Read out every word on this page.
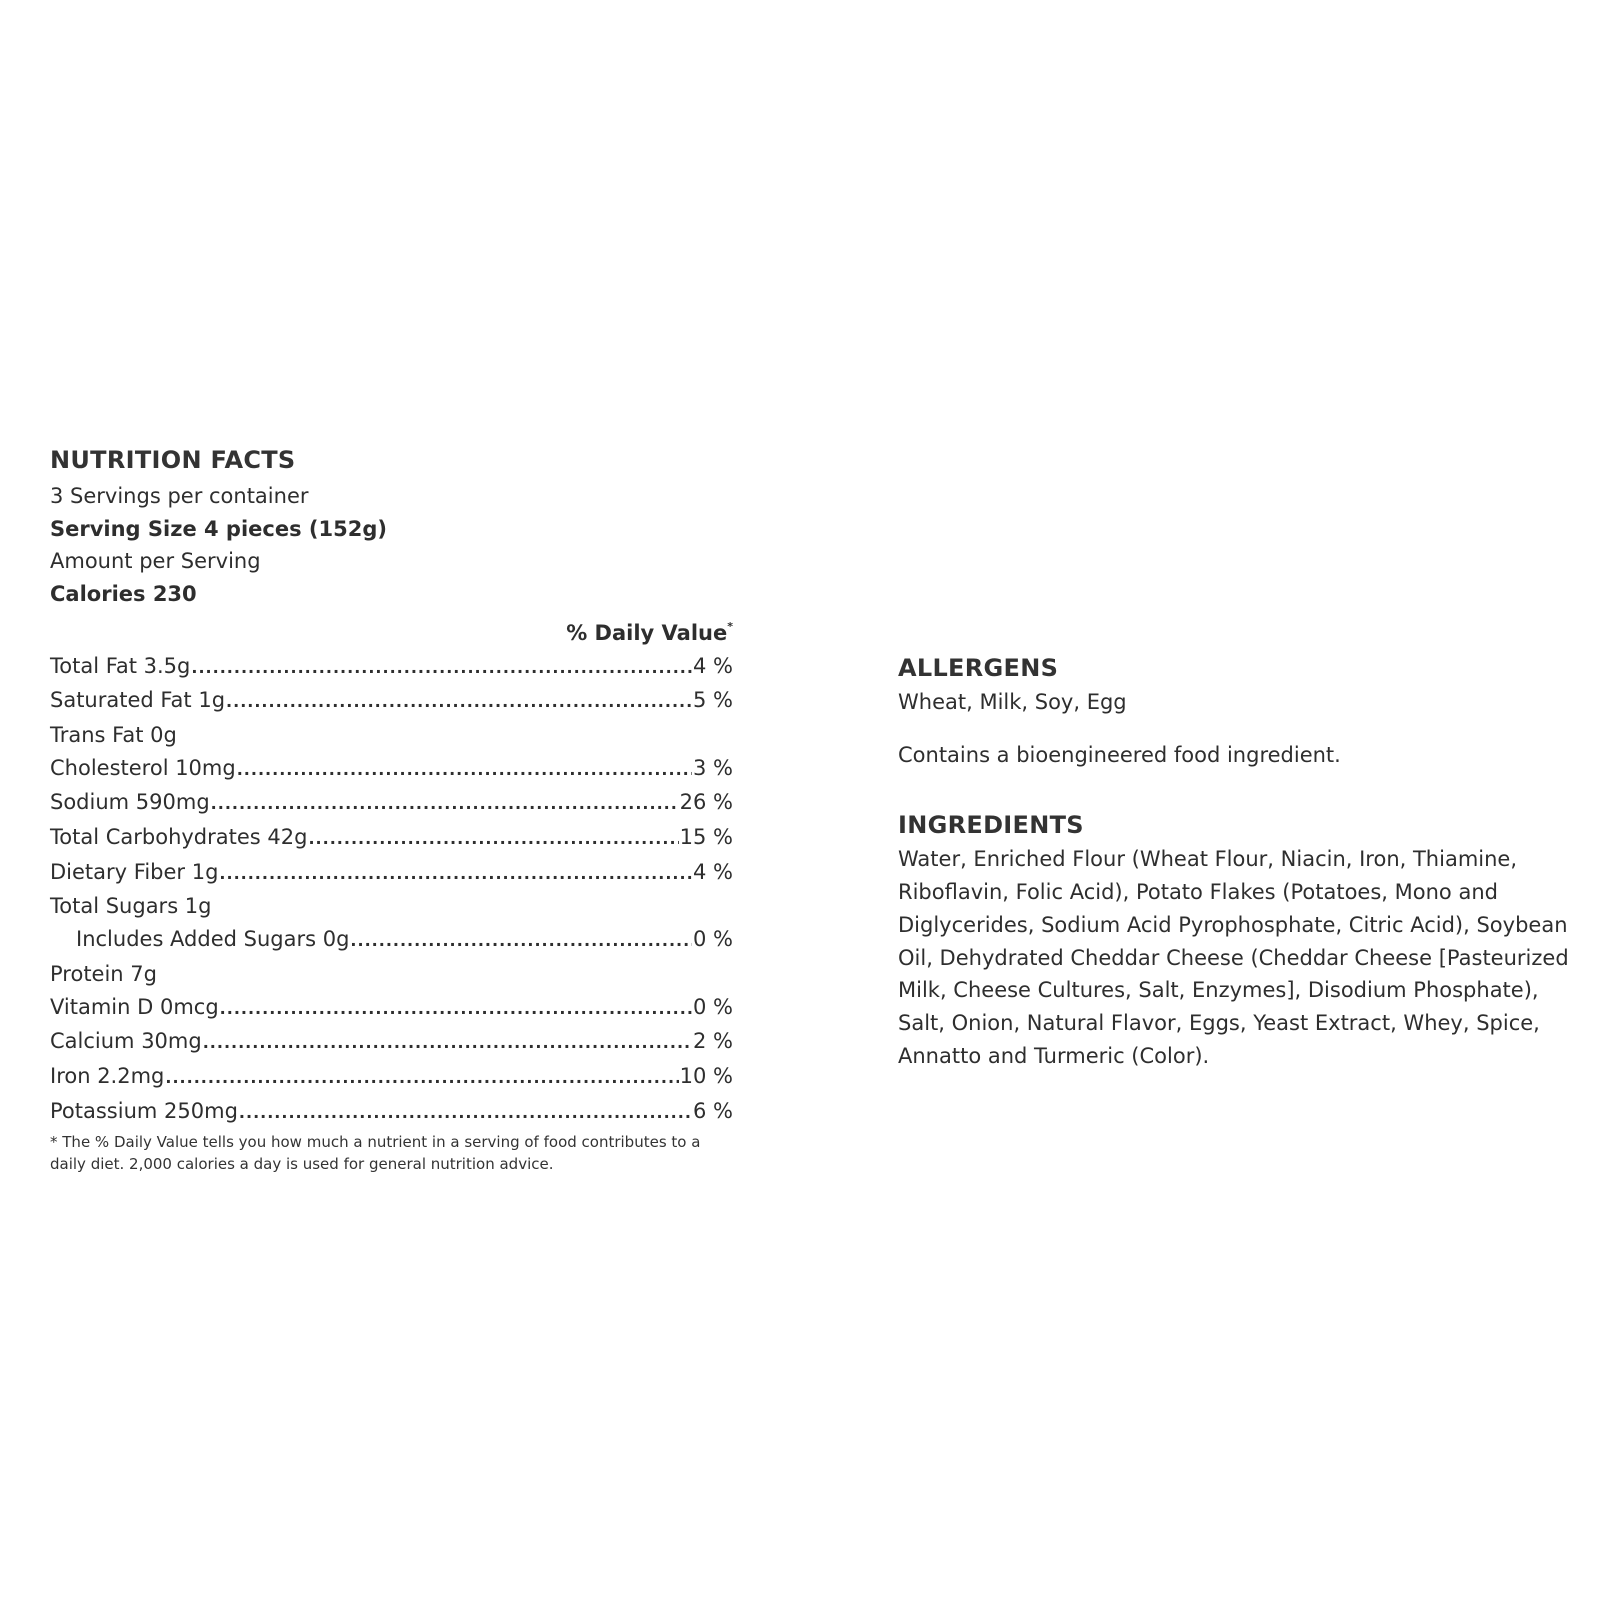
NUTRITION FACTS
3 Servings per container
Serving Size 4 pieces (152g)
Amount per Serving
Calories 230
% Daily Value*
Total Fat 3.5g .....	4 %
Saturated Fat 1g .....	5 %
Trans Fat 0g
Cholesterol 10mg .....	3 %
Sodium 590mg .....	26 %
Total Carbohydrates 42g .....	15 %
Dietary Fiber 1g .....	4 %
Total Sugars 1g
Includes Added Sugars 0g .....	0 %
Protein 7g
Vitamin D 0mcg .....	0 %
Calcium 30mg .....	2 %
Iron 2.2mg .....	10 %
Potassium 250mg .....	6 %
* The % Daily Value tells you how much a nutrient in a serving of food contributes to a daily diet. 2,000 calories a day is used for general nutrition advice.
ALLERGENS
Wheat, Milk, Soy, Egg
Contains a bioengineered food ingredient.
INGREDIENTS
Water, Enriched Flour (Wheat Flour, Niacin, Iron, Thiamine, Riboflavin, Folic Acid), Potato Flakes (Potatoes, Mono and Diglycerides, Sodium Acid Pyrophosphate, Citric Acid), Soybean Oil, Dehydrated Cheddar Cheese (Cheddar Cheese [Pasteurized Milk, Cheese Cultures, Salt, Enzymes], Disodium Phosphate), Salt, Onion, Natural Flavor, Eggs, Yeast Extract, Whey, Spice, Annatto and Turmeric (Color).
